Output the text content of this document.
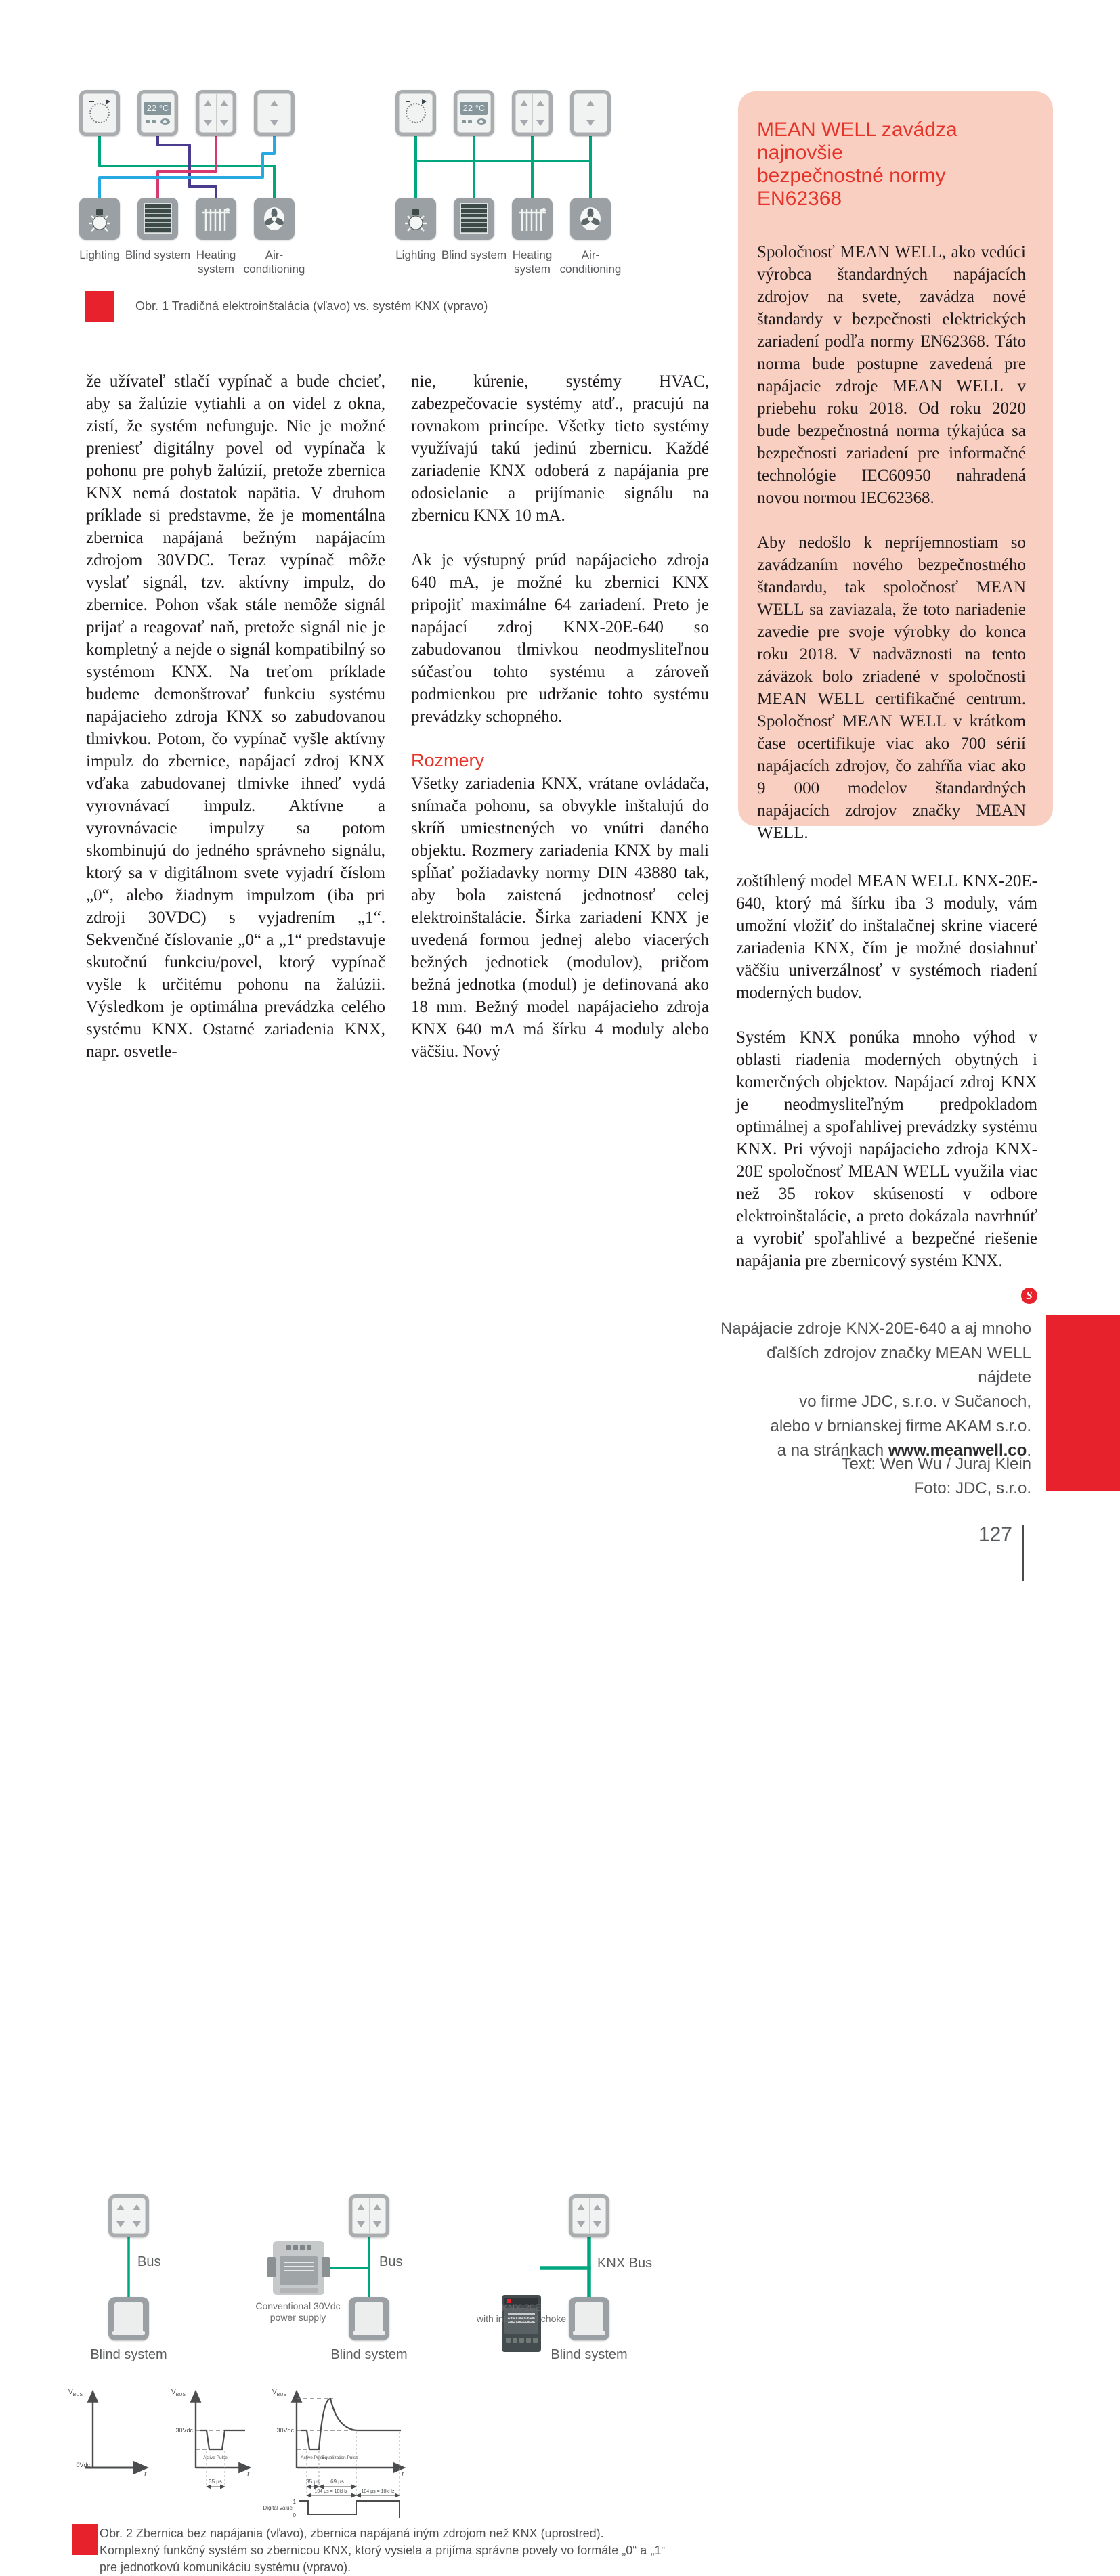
22 °C	22 °C
Lighting Blind system Heating system
Air-conditioning
Lighting Blind system Heating system
Air-conditioning
Obr. 1 Tradičná elektroinštalácia (vľavo) vs. systém KNX (vpravo)
že užívateľ stlačí vypínač a bude chcieť, aby sa žalúzie vytiahli a on videl z okna, zistí, že systém nefunguje. Nie je možné preniesť digitálny povel od vypínača k pohonu pre pohyb žalúzií, pretože zbernica KNX nemá dostatok napätia. V druhom príklade si predstavme, že je momentálna zbernica napájaná bežným napájacím zdrojom 30VDC. Teraz vypínač môže vyslať signál, tzv. aktívny impulz, do zbernice. Pohon však stále nemôže signál prijať a reagovať naň, pretože signál nie je kompletný a nejde o signál kompatibilný so systémom KNX. Na treťom príklade budeme demonštrovať funkciu systému napájacieho zdroja KNX so zabudovanou tlmivkou. Potom, čo vypínač vyšle aktívny impulz do zbernice, napájací zdroj KNX vďaka zabudovanej tlmivke ihneď vydá vyrovnávací impulz. Aktívne a vyrovnávacie impulzy sa potom skombinujú do jedného správneho signálu, ktorý sa v digitálnom svete vyjadrí číslom „0“, alebo žiadnym impulzom (iba pri zdroji 30VDC) s vyjadrením „1“. Sekvenčné číslovanie „0“ a „1“ predstavuje skutočnú funkciu/povel, ktorý vypínač vyšle k určitému pohonu na žalúzii. Výsledkom je optimálna prevádzka celého systému KNX. Ostatné zariadenia KNX, napr. osvetle-
nie, kúrenie, systémy HVAC, zabezpečovacie systémy atď., pracujú na rovnakom princípe. Všetky tieto systémy využívajú takú jedinú zbernicu. Každé zariadenie KNX odoberá z napájania pre odosielanie a prijímanie signálu na zbernicu KNX 10 mA.
Ak je výstupný prúd napájacieho zdroja 640 mA, je možné ku zbernici KNX pripojiť maximálne 64 zariadení. Preto je napájací zdroj KNX-20E-640 so zabudovanou tlmivkou neodmysliteľnou súčasťou tohto systému a zároveň podmienkou pre udržanie tohto systému prevádzky schopného.
Rozmery
Všetky zariadenia KNX, vrátane ovládača, snímača pohonu, sa obvykle inštalujú do skríň umiestnených vo vnútri daného objektu. Rozmery zariadenia KNX by mali spĺňať požiadavky normy DIN 43880 tak, aby bola zaistená jednotnosť celej elektroinštalácie. Šírka zariadení KNX je uvedená formou jednej alebo viacerých bežných jednotiek (modulov), pričom bežná jednotka (modul) je definovaná ako 18 mm. Bežný model napájacieho zdroja KNX 640 mA má šírku 4 moduly alebo väčšiu. Nový
MEAN WELL zavádza najnovšie
bezpečnostné normy EN62368
Spoločnosť MEAN WELL, ako vedúci výrobca štandardných napájacích zdrojov na svete, zavádza nové štandardy v bezpečnosti elektrických zariadení podľa normy EN62368. Táto norma bude postupne zavedená pre napájacie zdroje MEAN WELL v priebehu roku 2018. Od roku 2020 bude bezpečnostná norma týkajúca sa bezpečnosti zariadení pre informačné technológie IEC60950 nahradená novou normou IEC62368.
Aby nedošlo k nepríjemnostiam so zavádzaním nového bezpečnostného štandardu, tak spoločnosť MEAN WELL sa zaviazala, že toto nariadenie zavedie pre svoje výrobky do konca roku 2018. V nadväznosti na tento záväzok bolo zriadené v spoločnosti MEAN WELL certifikačné centrum. Spoločnosť MEAN WELL v krátkom čase ocertifikuje viac ako 700 sérií napájacích zdrojov, čo zahŕňa viac ako 9 000 modelov štandardných napájacích zdrojov značky MEAN WELL.
zoštíhlený model MEAN WELL KNX-20E-640, ktorý má šírku iba 3 moduly, vám umožní vložiť do inštalačnej skrine viaceré zariadenia KNX, čím je možné dosiahnuť väčšiu univerzálnosť v systémoch riadení moderných budov.
Systém KNX ponúka mnoho výhod v oblasti riadenia moderných obytných i komerčných objektov. Napájací zdroj KNX je neodmysliteľným predpokladom optimálnej a spoľahlivej prevádzky systému KNX. Pri vývoji napájacieho zdroja KNX-20E spoločnosť MEAN WELL využila viac než 35 rokov skúseností v odbore elektroinštalácie, a preto dokázala navrhnúť a vyrobiť spoľahlivé a bezpečné riešenie napájania pre zbernicový systém KNX.
S
Bus	Bus	KNX Bus
Conventional 30Vdc
power supply
KNX-20E
with integrated choke
Blind system	Blind system	Blind system
$V_{BUS}$
0Vdc
t
$V_{BUS}$
30Vdc
Active Pulse
35 μs
t
$V_{BUS}$
30Vdc
Active Pulse
Equalization Pulse
35 μs 69 μs
104 μs = 10kHz	104 μs = 10kHz
Digital value
1
0
t
Obr. 2 Zbernica bez napájania (vľavo), zbernica napájaná iným zdrojom než KNX (uprostred).
Komplexný funkčný systém so zbernicou KNX, ktorý vysiela a prijíma správne povely vo formáte „0“ a „1“
pre jednotkovú komunikáciu systému (vpravo).
Napájacie zdroje KNX-20E-640 a aj mnoho
ďalších zdrojov značky MEAN WELL nájdete
vo firme JDC, s.r.o. v Sučanoch,
alebo v brnianskej firme AKAM s.r.o.
a na stránkach www.meanwell.co.
Text: Wen Wu / Juraj Klein
Foto: JDC, s.r.o.
127
